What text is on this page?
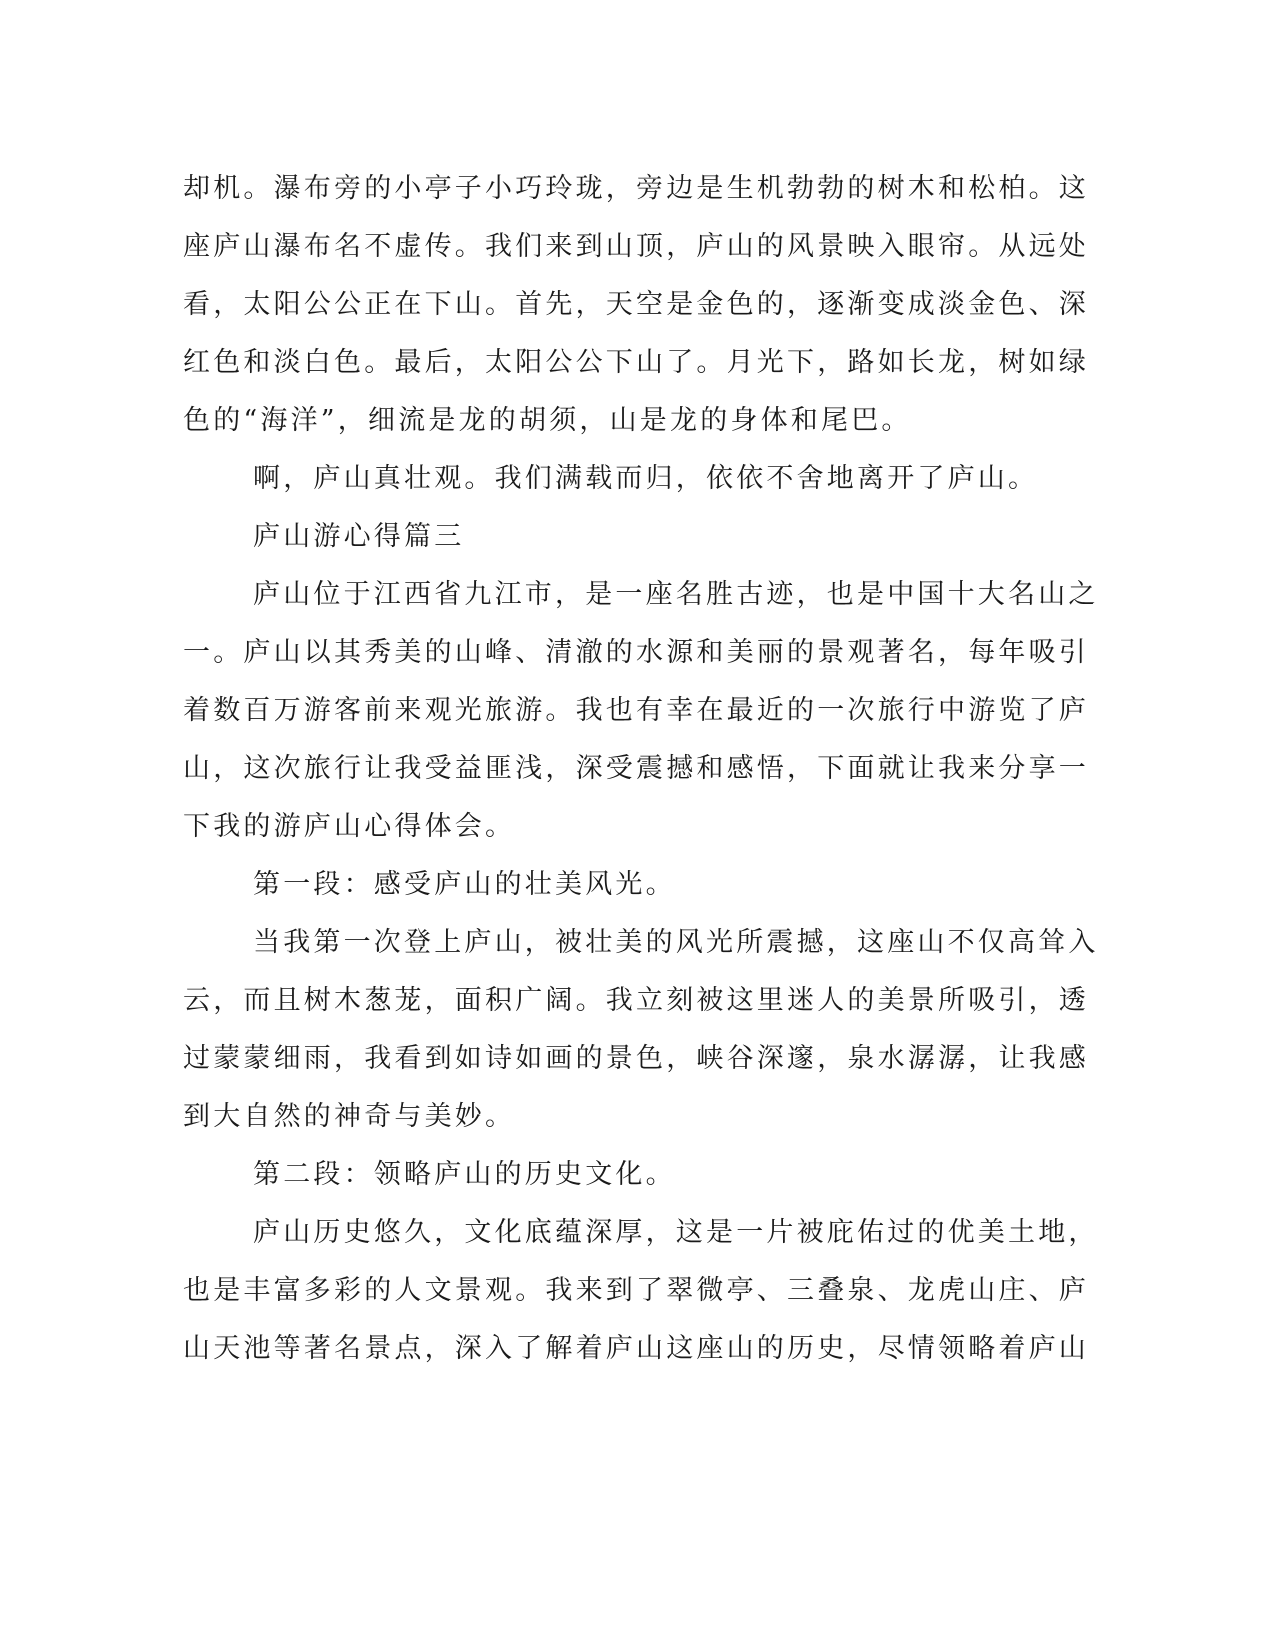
却机。瀑布旁的小亭子小巧玲珑，旁边是生机勃勃的树木和松柏。这
座庐山瀑布名不虚传。我们来到山顶，庐山的风景映入眼帘。从远处
看，太阳公公正在下山。首先，天空是金色的，逐渐变成淡金色、深
红色和淡白色。最后，太阳公公下山了。月光下，路如长龙，树如绿
色的“海洋”，细流是龙的胡须，山是龙的身体和尾巴。
啊，庐山真壮观。我们满载而归，依依不舍地离开了庐山。
庐山游心得篇三
庐山位于江西省九江市，是一座名胜古迹，也是中国十大名山之
一。庐山以其秀美的山峰、清澈的水源和美丽的景观著名，每年吸引
着数百万游客前来观光旅游。我也有幸在最近的一次旅行中游览了庐
山，这次旅行让我受益匪浅，深受震撼和感悟，下面就让我来分享一
下我的游庐山心得体会。
第一段：感受庐山的壮美风光。
当我第一次登上庐山，被壮美的风光所震撼，这座山不仅高耸入
云，而且树木葱茏，面积广阔。我立刻被这里迷人的美景所吸引，透
过蒙蒙细雨，我看到如诗如画的景色，峡谷深邃，泉水潺潺，让我感
到大自然的神奇与美妙。
第二段：领略庐山的历史文化。
庐山历史悠久，文化底蕴深厚，这是一片被庇佑过的优美土地，
也是丰富多彩的人文景观。我来到了翠微亭、三叠泉、龙虎山庄、庐
山天池等著名景点，深入了解着庐山这座山的历史，尽情领略着庐山
